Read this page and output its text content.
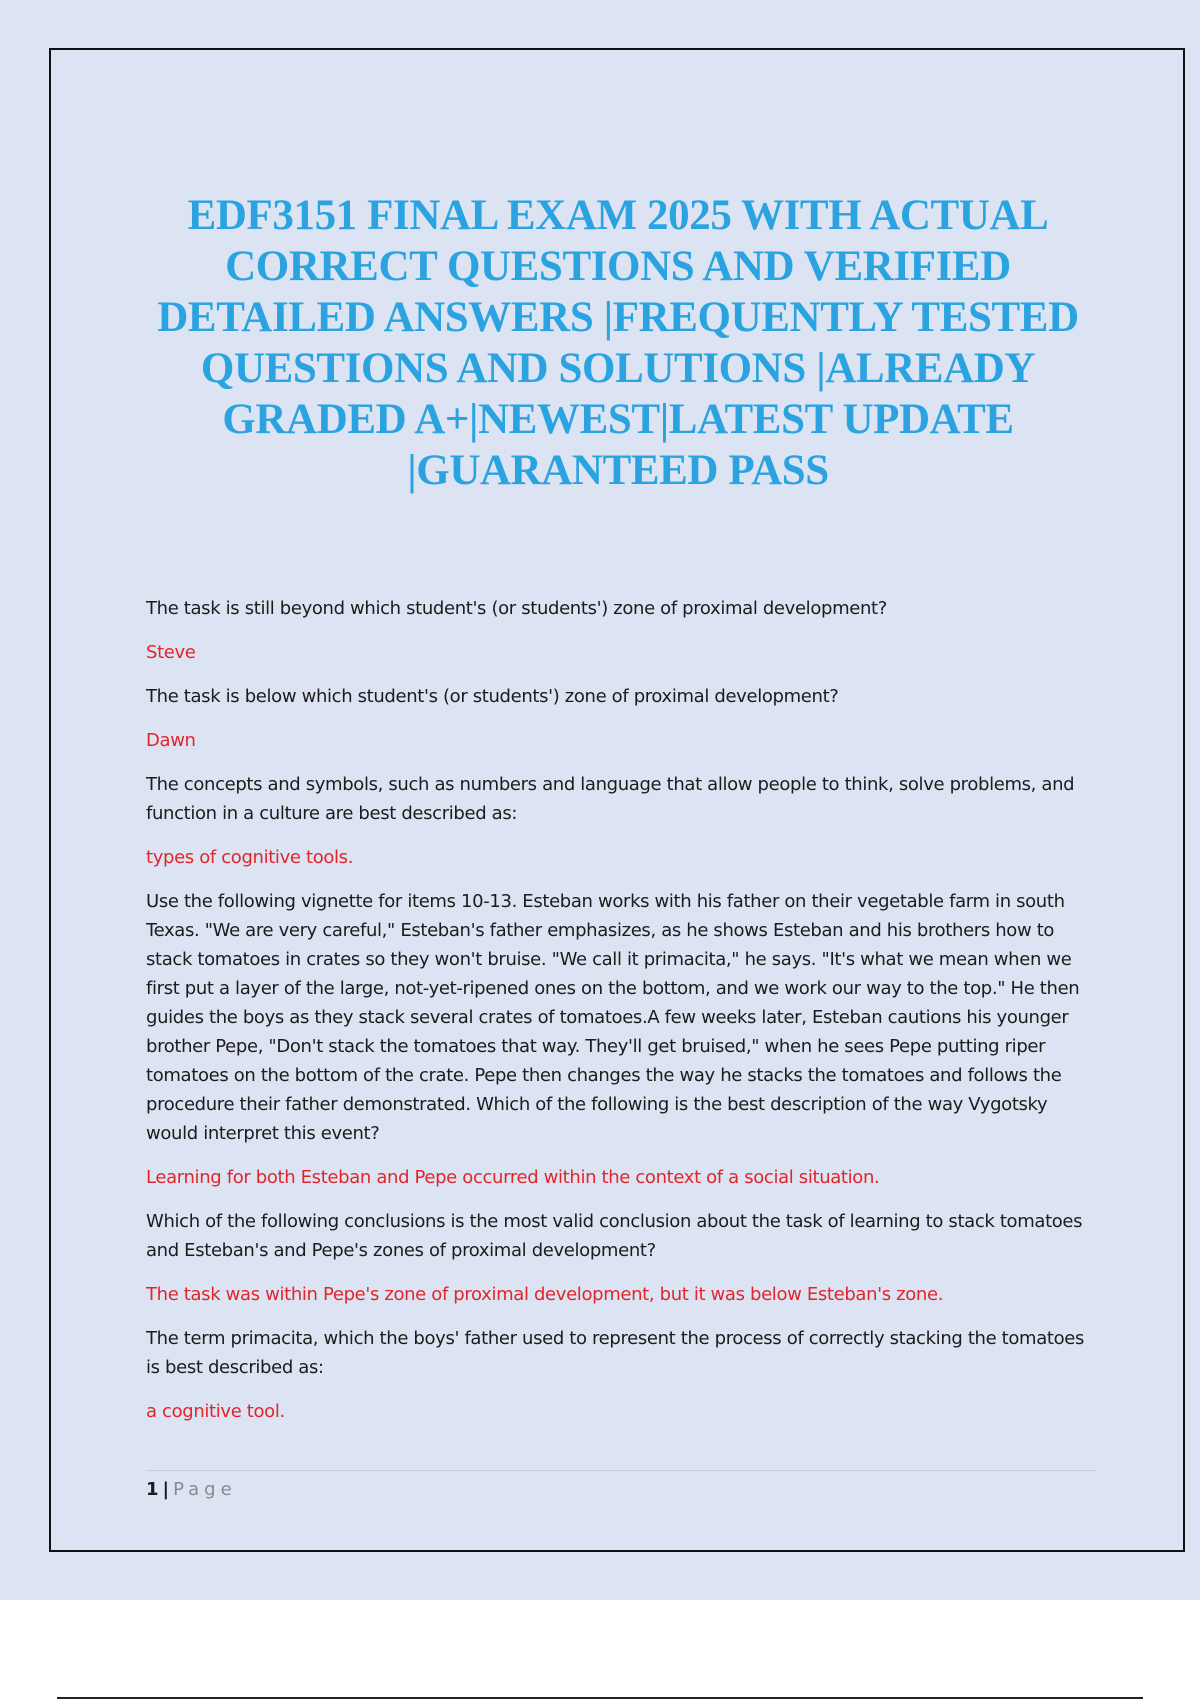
EDF3151 FINAL EXAM 2025 WITH ACTUAL CORRECT QUESTIONS AND VERIFIED DETAILED ANSWERS |FREQUENTLY TESTED QUESTIONS AND SOLUTIONS |ALREADY GRADED A+|NEWEST|LATEST UPDATE |GUARANTEED PASS

The task is still beyond which student's (or students') zone of proximal development?

Steve

The task is below which student's (or students') zone of proximal development?

Dawn

The concepts and symbols, such as numbers and language that allow people to think, solve problems, and function in a culture are best described as:

types of cognitive tools.

Use the following vignette for items 10-13. Esteban works with his father on their vegetable farm in south Texas. "We are very careful," Esteban's father emphasizes, as he shows Esteban and his brothers how to stack tomatoes in crates so they won't bruise. "We call it primacita," he says. "It's what we mean when we first put a layer of the large, not-yet-ripened ones on the bottom, and we work our way to the top." He then guides the boys as they stack several crates of tomatoes.A few weeks later, Esteban cautions his younger brother Pepe, "Don't stack the tomatoes that way. They'll get bruised," when he sees Pepe putting riper tomatoes on the bottom of the crate. Pepe then changes the way he stacks the tomatoes and follows the procedure their father demonstrated. Which of the following is the best description of the way Vygotsky would interpret this event?

Learning for both Esteban and Pepe occurred within the context of a social situation.

Which of the following conclusions is the most valid conclusion about the task of learning to stack tomatoes and Esteban's and Pepe's zones of proximal development?

The task was within Pepe's zone of proximal development, but it was below Esteban's zone.

The term primacita, which the boys' father used to represent the process of correctly stacking the tomatoes is best described as:

a cognitive tool.

1 | Page
